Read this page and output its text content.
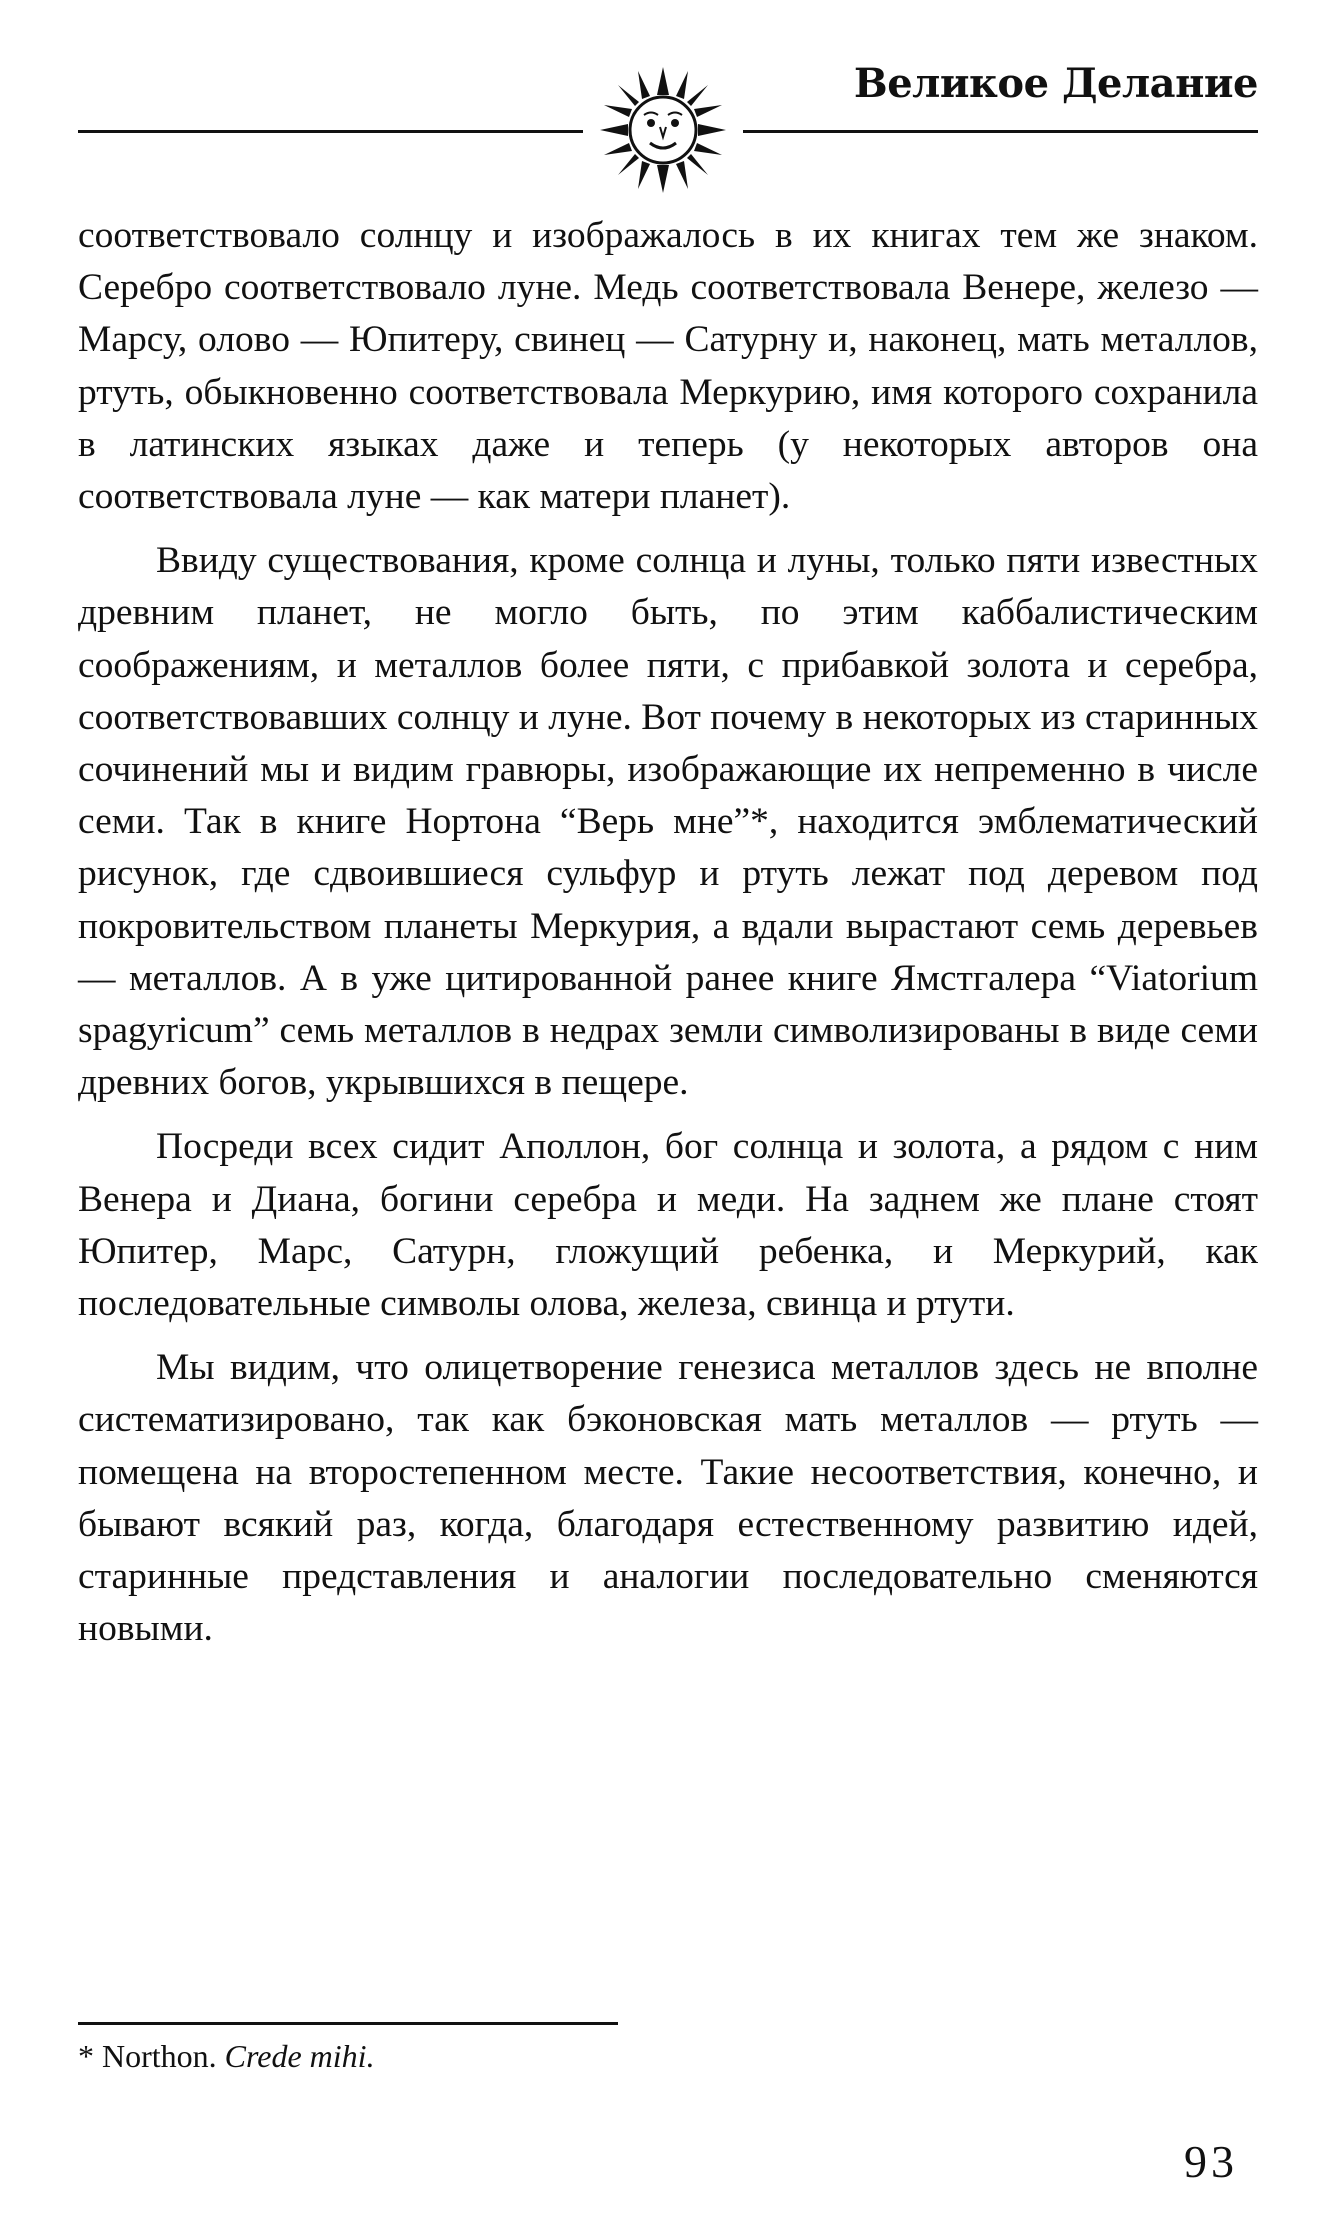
Великое Делание

соответствовало солнцу и изображалось в их книгах тем же знаком. Серебро соответствовало луне. Медь соответствовала Венере, железо — Марсу, олово — Юпитеру, свинец — Сатурну и, наконец, мать металлов, ртуть, обыкновенно соответствовала Меркурию, имя которого сохранила в латинских языках даже и теперь (у некоторых авторов она соответствовала луне — как матери планет).

Ввиду существования, кроме солнца и луны, только пяти известных древним планет, не могло быть, по этим каббалистическим соображениям, и металлов более пяти, с прибавкой золота и серебра, соответствовавших солнцу и луне. Вот почему в некоторых из старинных сочинений мы и видим гравюры, изображающие их непременно в числе семи. Так в книге Нортона “Верь мне”*, находится эмблематический рисунок, где сдвоившиеся сульфур и ртуть лежат под деревом под покровительством планеты Меркурия, а вдали вырастают семь деревьев — металлов. А в уже цитированной ранее книге Ямстгалера “Viatorium spagyricum” семь металлов в недрах земли символизированы в виде семи древних богов, укрывшихся в пещере.

Посреди всех сидит Аполлон, бог солнца и золота, а рядом с ним Венера и Диана, богини серебра и меди. На заднем же плане стоят Юпитер, Марс, Сатурн, гложущий ребенка, и Меркурий, как последовательные символы олова, железа, свинца и ртути.

Мы видим, что олицетворение генезиса металлов здесь не вполне систематизировано, так как бэконовская мать металлов — ртуть — помещена на второстепенном месте. Такие несоответствия, конечно, и бывают всякий раз, когда, благодаря естественному развитию идей, старинные представления и аналогии последовательно сменяются новыми.

* Northon. Crede mihi.
93
